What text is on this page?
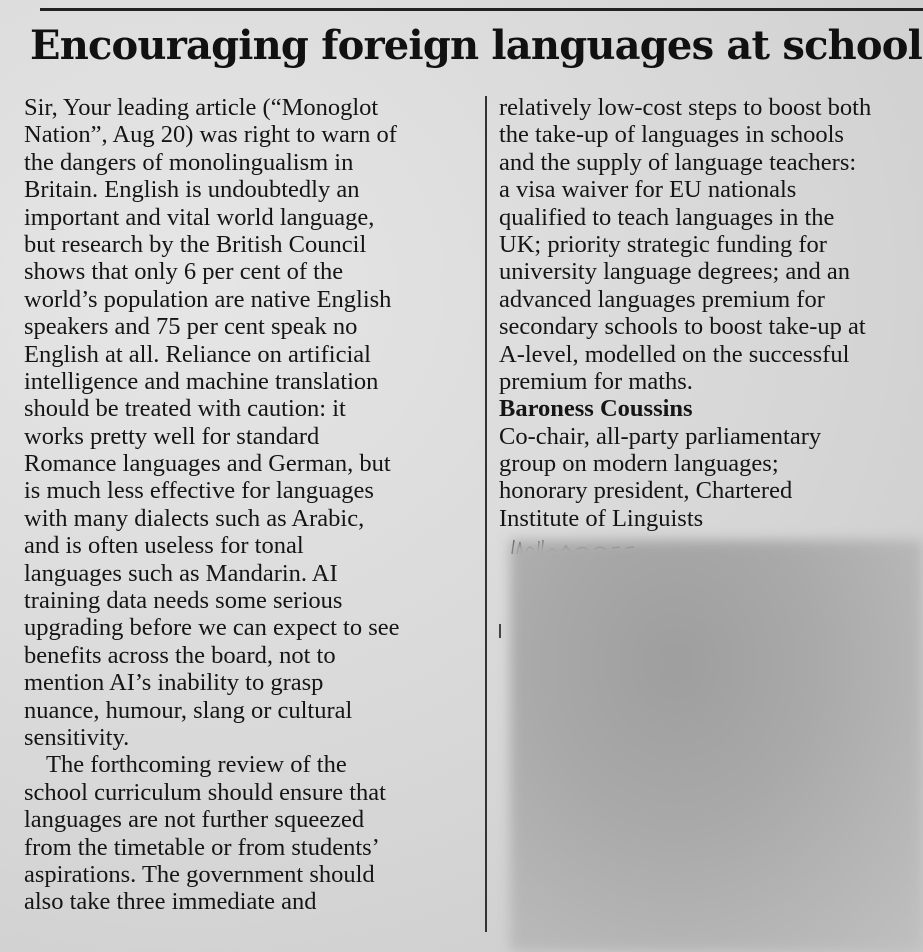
Encouraging foreign languages at school
Sir, Your leading article (“Monoglot
Nation”, Aug 20) was right to warn of
the dangers of monolingualism in
Britain. English is undoubtedly an
important and vital world language,
but research by the British Council
shows that only 6 per cent of the
world’s population are native English
speakers and 75 per cent speak no
English at all. Reliance on artificial
intelligence and machine translation
should be treated with caution: it
works pretty well for standard
Romance languages and German, but
is much less effective for languages
with many dialects such as Arabic,
and is often useless for tonal
languages such as Mandarin. AI
training data needs some serious
upgrading before we can expect to see
benefits across the board, not to
mention AI’s inability to grasp
nuance, humour, slang or cultural
sensitivity.
The forthcoming review of the
school curriculum should ensure that
languages are not further squeezed
from the timetable or from students’
aspirations. The government should
also take three immediate and
relatively low-cost steps to boost both
the take-up of languages in schools
and the supply of language teachers:
a visa waiver for EU nationals
qualified to teach languages in the
UK; priority strategic funding for
university language degrees; and an
advanced languages premium for
secondary schools to boost take-up at
A-level, modelled on the successful
premium for maths.
Baroness Coussins
Co-chair, all-party parliamentary
group on modern languages;
honorary president, Chartered
Institute of Linguists
